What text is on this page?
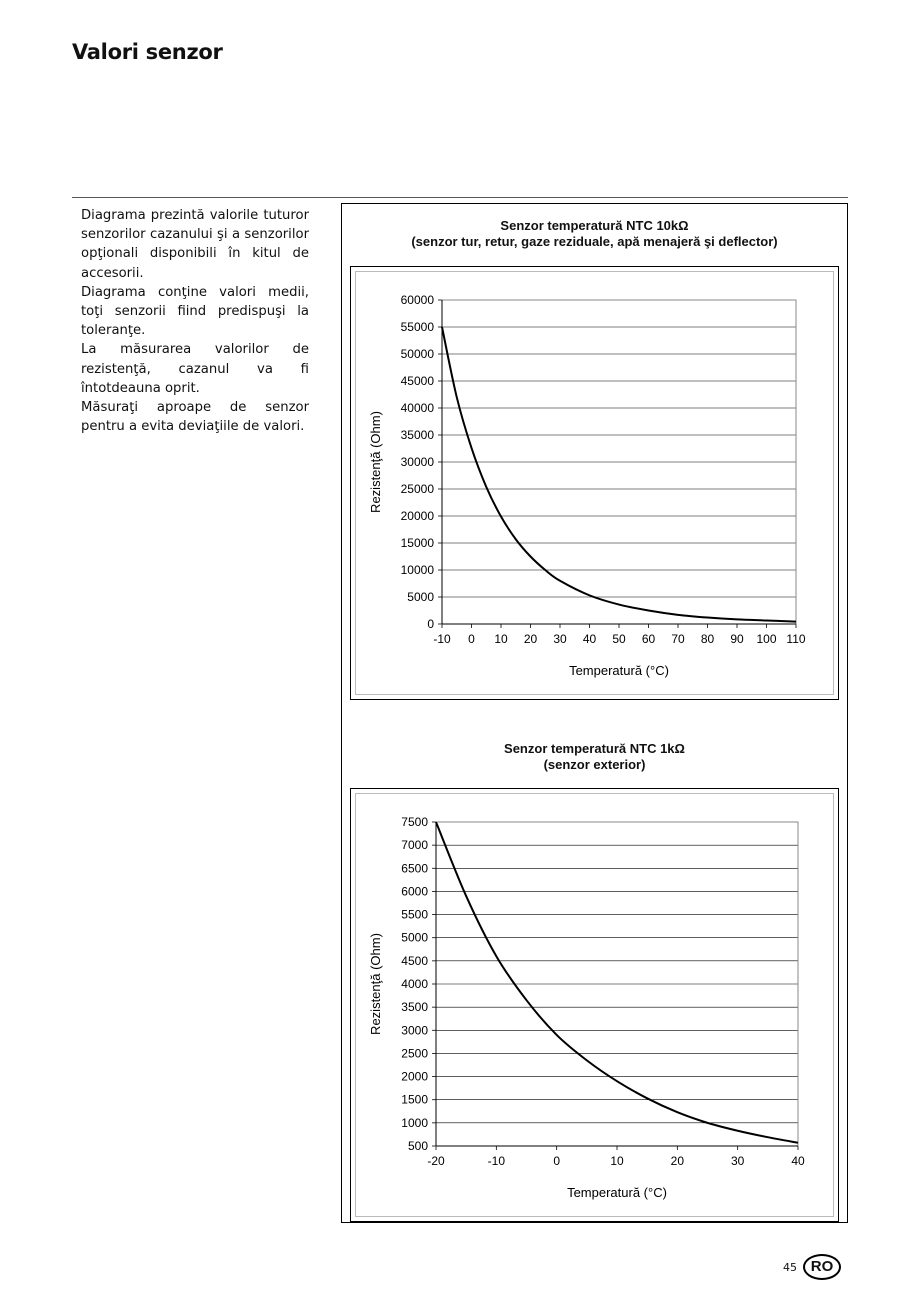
Valori senzor

Diagrama prezintă valorile tuturor senzorilor cazanului şi a senzorilor opţionali disponibili în kitul de accesorii.

Diagrama conţine valori medii, toţi senzorii fiind predispuşi la toleranţe.

La măsurarea valorilor de rezistenţă, cazanul va fi întotdeauna oprit.

Măsuraţi aproape de senzor pentru a evita deviaţiile de valori.

Senzor temperatură NTC 10kΩ
(senzor tur, retur, gaze reziduale, apă menajeră şi deflector)
0
5000
10000
15000
20000
25000
30000
35000
40000
45000
50000
55000
60000
-10 0 10 20 30 40 50 60 70 80 90 100 110
Temperatură (°C)
Rezistenţă (Ohm)
Senzor temperatură NTC 1kΩ
(senzor exterior)
500
1000
1500
2000
2500
3000
3500
4000
4500
5000
5500
6000
6500
7000
7500
-20	-10	0	10	20	30	40
Temperatură (°C)
Rezistenţă (Ohm)
45 RO
